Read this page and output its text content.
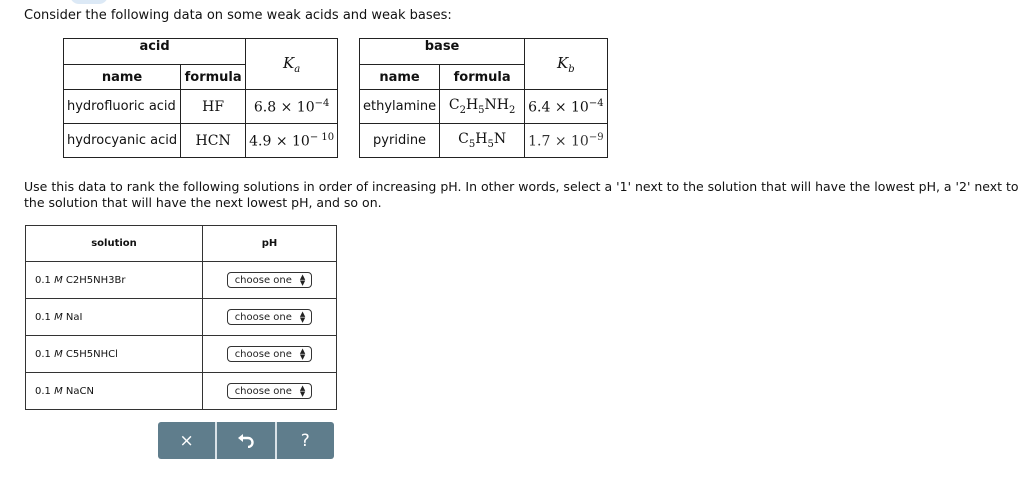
Consider the following data on some weak acids and weak bases:
acid		$K_a$
name	formula	
hydrofluoric acid	HF	$6.8 \times 10^{-4}$
hydrocyanic acid	HCN	$4.9 \times 10^{- 10}$
base		$K_b$
name	formula	
ethylamine	$C_2H_5NH_2$	$6.4 \times 10^{-4}$
pyridine	$C_5H_5N$	$1.7 \times 10^{-9}$
Use this data to rank the following solutions in order of increasing pH. In other words, select a '1' next to the solution that will have the lowest pH, a '2' next to the solution that will have the next lowest pH, and so on.
solution	pH
0.1 M C2H5NH3Br	choose one ▲
▼
0.1 M NaI	choose one ▲
▼
0.1 M C5H5NHCl	choose one ▲
▼
0.1 M NaCN	choose one ▲
▼
×	?
